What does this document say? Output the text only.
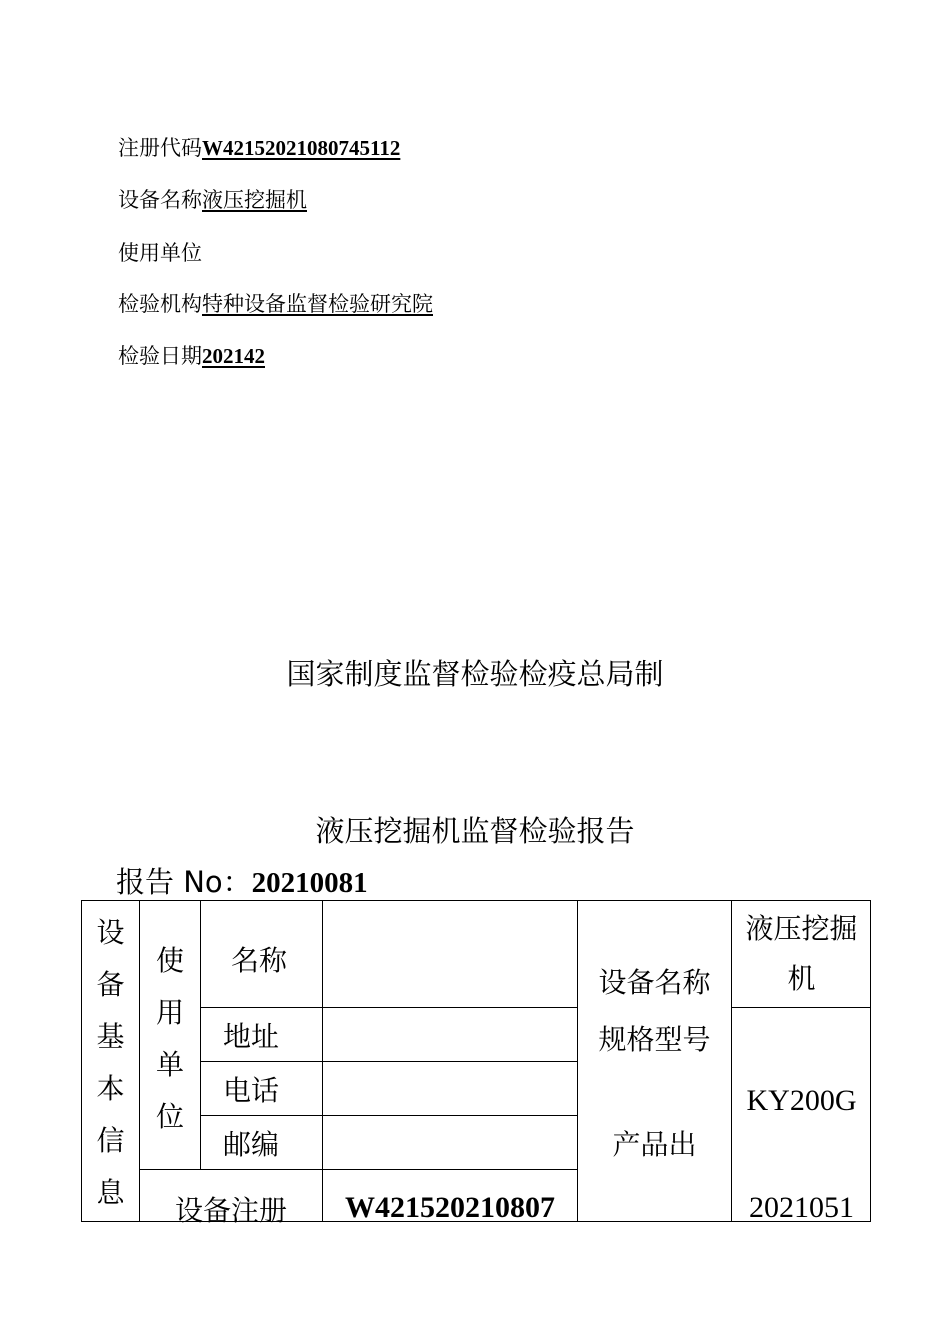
注册代码W42152021080745112
设备名称液压挖掘机
使用单位
检验机构特种设备监督检验研究院
检验日期202142
国家制度监督检验检疫总局制
液压挖掘机监督检验报告
报告 No：20210081
设备基本信息
使用单位
名称
地址
电话
邮编
设备注册 W421520210807
设备名称
规格型号
产品出
液压挖掘机
KY200G
2021051
